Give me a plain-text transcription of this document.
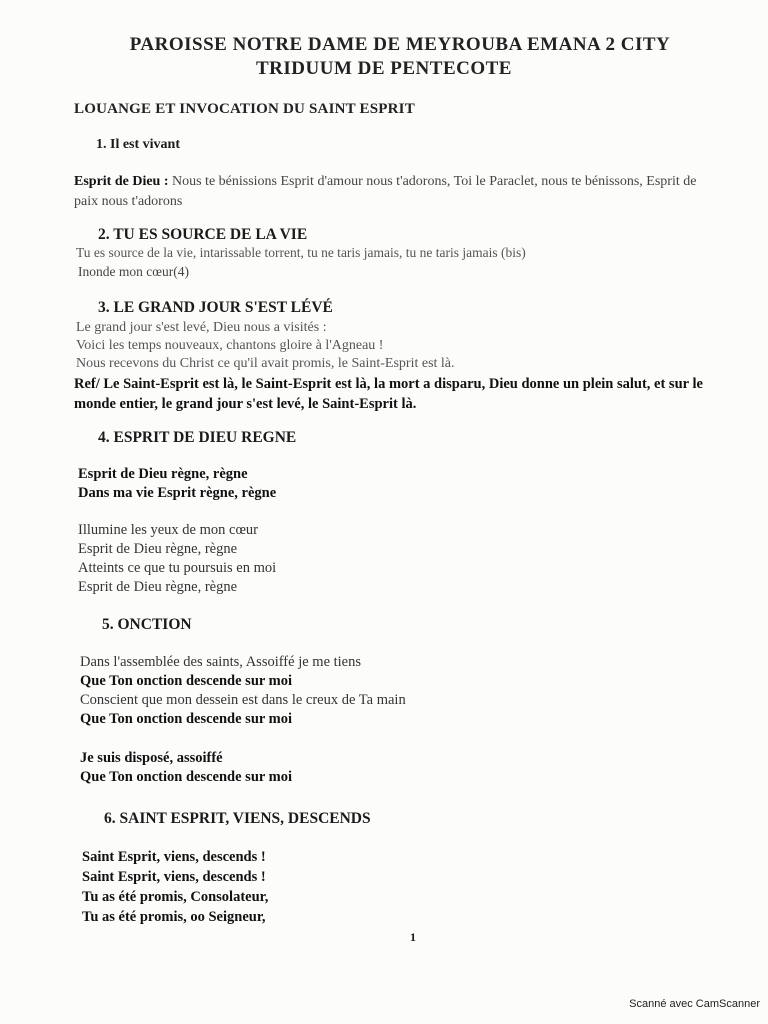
PAROISSE NOTRE DAME DE MEYROUBA EMANA 2 CITY
TRIDUUM DE PENTECOTE
LOUANGE ET INVOCATION DU SAINT ESPRIT
1. Il est vivant
Esprit de Dieu : Nous te bénissions Esprit d'amour nous t'adorons, Toi le Paraclet, nous te bénissons, Esprit de paix nous t'adorons
2. TU ES SOURCE DE LA VIE
Tu es source de la vie, intarissable torrent, tu ne taris jamais, tu ne taris jamais (bis)
Inonde mon cœur(4)
3. LE GRAND JOUR S'EST LÉVÉ
Le grand jour s'est levé, Dieu nous a visités :
Voici les temps nouveaux, chantons gloire à l'Agneau !
Nous recevons du Christ ce qu'il avait promis, le Saint-Esprit est là.
Ref/ Le Saint-Esprit est là, le Saint-Esprit est là, la mort a disparu, Dieu donne un plein salut, et sur le monde entier, le grand jour s'est levé, le Saint-Esprit là.
4. ESPRIT DE DIEU REGNE
Esprit de Dieu règne, règne
Dans ma vie Esprit règne, règne
Illumine les yeux de mon cœur
Esprit de Dieu règne, règne
Atteints ce que tu poursuis en moi
Esprit de Dieu règne, règne
5. ONCTION
Dans l'assemblée des saints, Assoiffé je me tiens
Que Ton onction descende sur moi
Conscient que mon dessein est dans le creux de Ta main
Que Ton onction descende sur moi
Je suis disposé, assoiffé
Que Ton onction descende sur moi
6. SAINT ESPRIT, VIENS, DESCENDS
Saint Esprit, viens, descends !
Saint Esprit, viens, descends !
Tu as été promis, Consolateur,
Tu as été promis, oo Seigneur,
1
Scanné avec CamScanner
